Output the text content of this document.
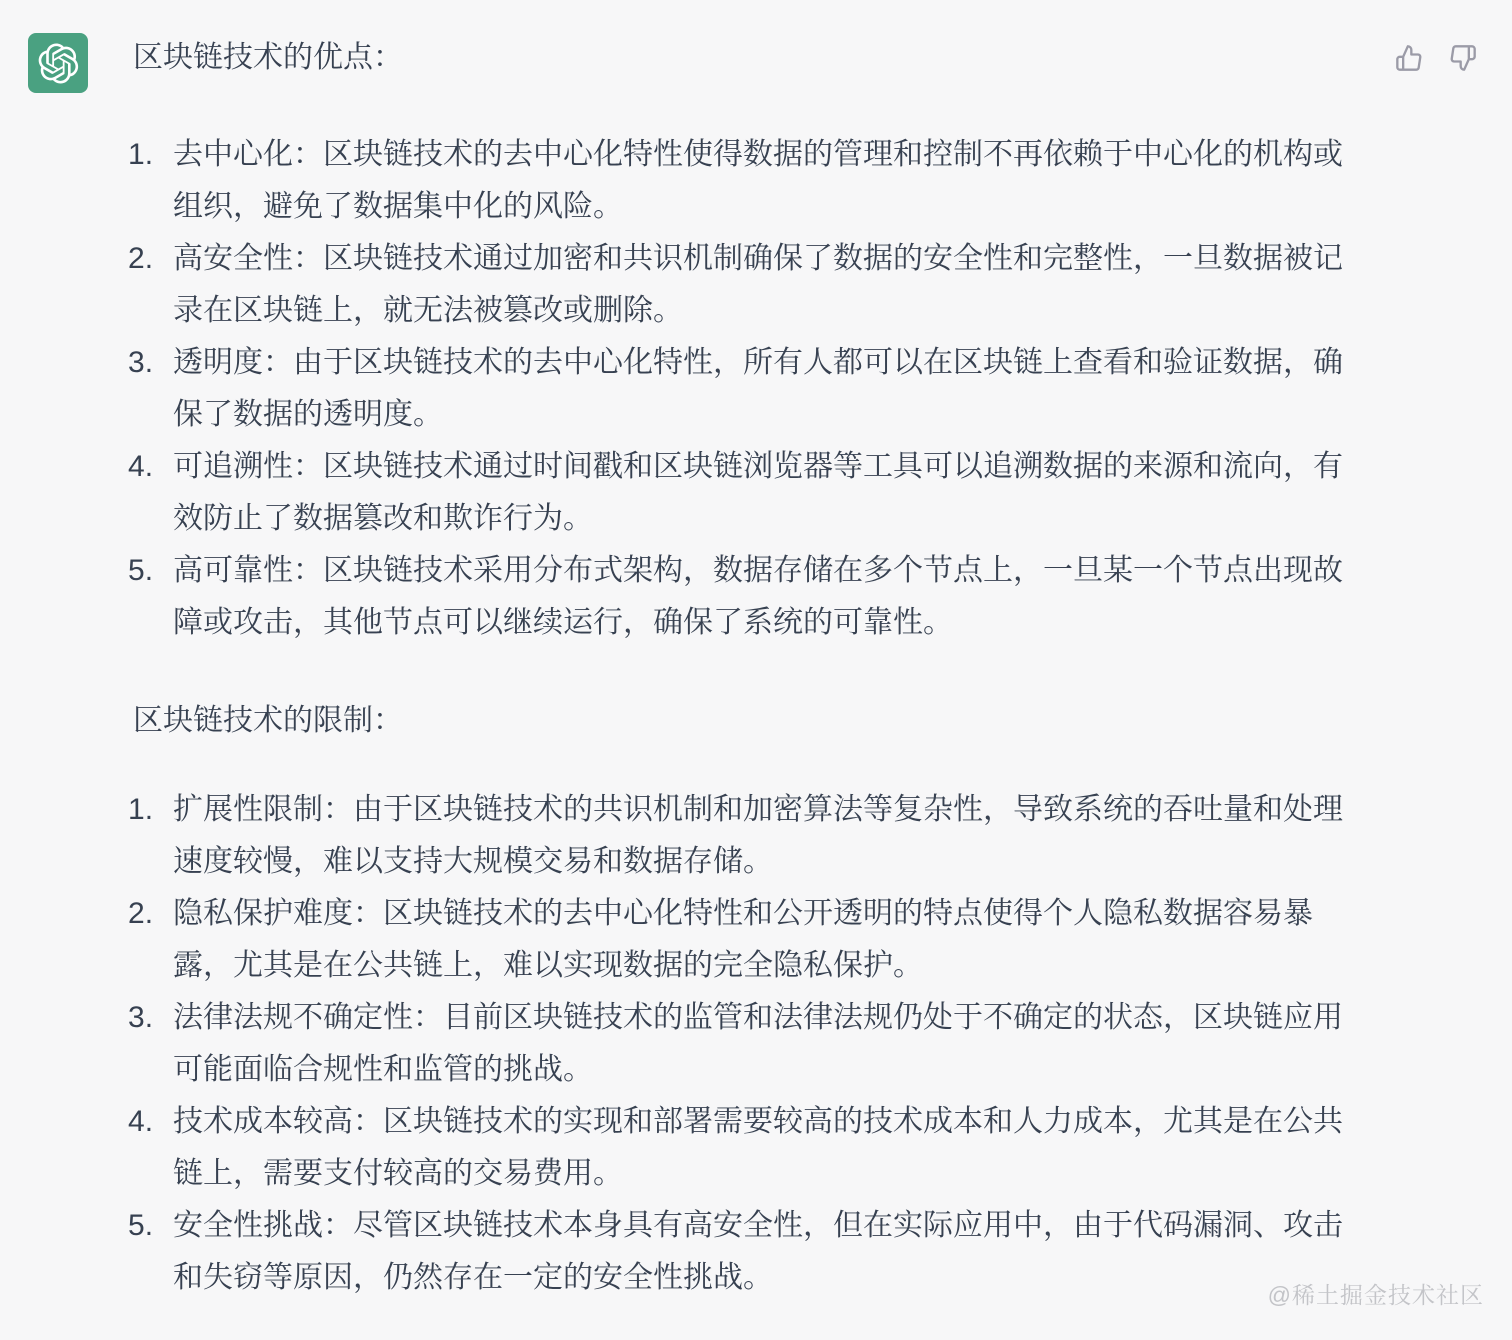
区块链技术的优点：

去中心化：区块链技术的去中心化特性使得数据的管理和控制不再依赖于中心化的机构或组织，避免了数据集中化的风险。
高安全性：区块链技术通过加密和共识机制确保了数据的安全性和完整性，一旦数据被记录在区块链上，就无法被篡改或删除。
透明度：由于区块链技术的去中心化特性，所有人都可以在区块链上查看和验证数据，确保了数据的透明度。
可追溯性：区块链技术通过时间戳和区块链浏览器等工具可以追溯数据的来源和流向，有效防止了数据篡改和欺诈行为。
高可靠性：区块链技术采用分布式架构，数据存储在多个节点上，一旦某一个节点出现故障或攻击，其他节点可以继续运行，确保了系统的可靠性。

区块链技术的限制：

扩展性限制：由于区块链技术的共识机制和加密算法等复杂性，导致系统的吞吐量和处理速度较慢，难以支持大规模交易和数据存储。
隐私保护难度：区块链技术的去中心化特性和公开透明的特点使得个人隐私数据容易暴露，尤其是在公共链上，难以实现数据的完全隐私保护。
法律法规不确定性：目前区块链技术的监管和法律法规仍处于不确定的状态，区块链应用可能面临合规性和监管的挑战。
技术成本较高：区块链技术的实现和部署需要较高的技术成本和人力成本，尤其是在公共链上，需要支付较高的交易费用。
安全性挑战：尽管区块链技术本身具有高安全性，但在实际应用中，由于代码漏洞、攻击和失窃等原因，仍然存在一定的安全性挑战。
@稀土掘金技术社区
